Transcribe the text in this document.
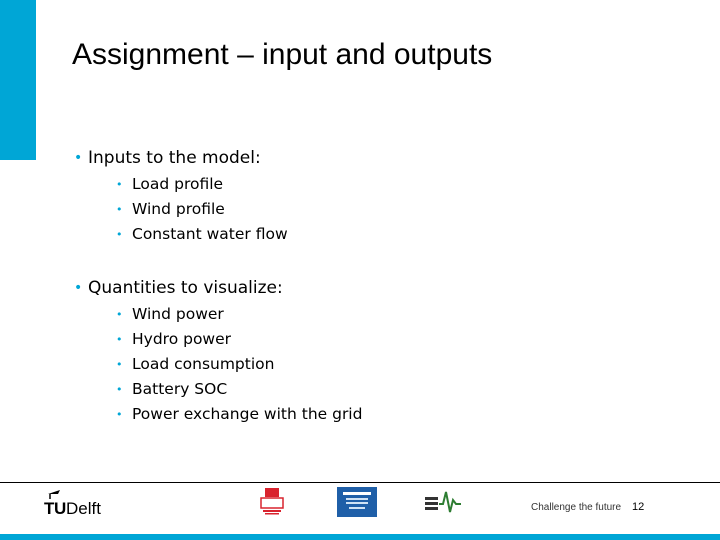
Assignment – input and outputs
• Inputs to the model:
• Load profile
• Wind profile
• Constant water flow
• Quantities to visualize:
• Wind power
• Hydro power
• Load consumption
• Battery SOC
• Power exchange with the grid
T U Delft	Challenge the future 12
